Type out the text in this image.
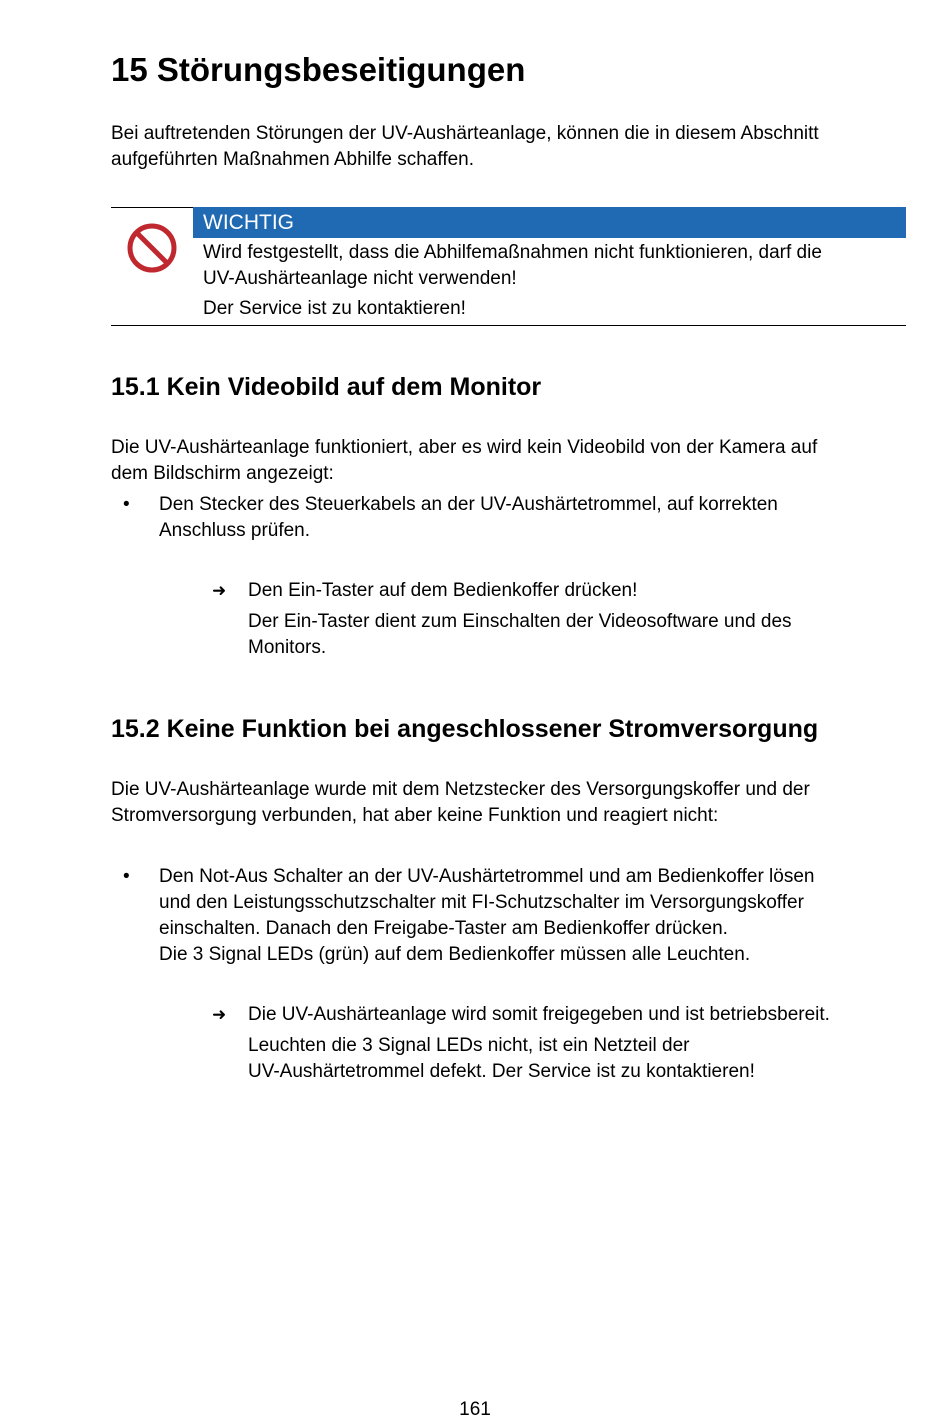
15 Störungsbeseitigungen

Bei auftretenden Störungen der UV-Aushärteanlage, können die in diesem Abschnitt

aufgeführten Maßnahmen Abhilfe schaffen.

WICHTIG

Wird festgestellt, dass die Abhilfemaßnahmen nicht funktionieren, darf die

UV-Aushärteanlage nicht verwenden!

Der Service ist zu kontaktieren!

15.1 Kein Videobild auf dem Monitor

Die UV-Aushärteanlage funktioniert, aber es wird kein Videobild von der Kamera auf

dem Bildschirm angezeigt:

•	Den Stecker des Steuerkabels an der UV-Aushärtetrommel, auf korrekten

Anschluss prüfen.

➜	Den Ein-Taster auf dem Bedienkoffer drücken!

Der Ein-Taster dient zum Einschalten der Videosoftware und des

Monitors.

15.2 Keine Funktion bei angeschlossener Stromversorgung

Die UV-Aushärteanlage wurde mit dem Netzstecker des Versorgungskoffer und der

Stromversorgung verbunden, hat aber keine Funktion und reagiert nicht:

•	Den Not-Aus Schalter an der UV-Aushärtetrommel und am Bedienkoffer lösen

und den Leistungsschutzschalter mit FI-Schutzschalter im Versorgungskoffer

einschalten. Danach den Freigabe-Taster am Bedienkoffer drücken.

Die 3 Signal LEDs (grün) auf dem Bedienkoffer müssen alle Leuchten.

➜	Die UV-Aushärteanlage wird somit freigegeben und ist betriebsbereit.

Leuchten die 3 Signal LEDs nicht, ist ein Netzteil der

UV-Aushärtetrommel defekt. Der Service ist zu kontaktieren!

161
